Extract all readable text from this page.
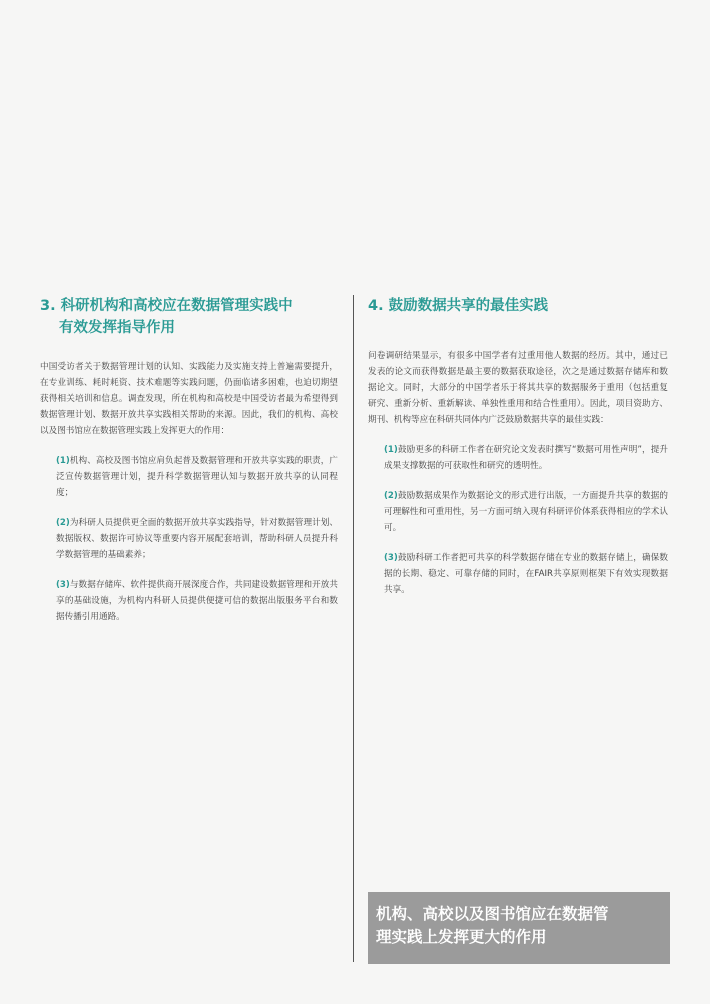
3. 科研机构和高校应在数据管理实践中
有效发挥指导作用

中国受访者关于数据管理计划的认知、实践能力及实施支持上普遍需要提升，在专业训练、耗时耗资、技术难题等实践问题，仍面临诸多困难，也迫切期望获得相关培训和信息。调查发现，所在机构和高校是中国受访者最为希望得到数据管理计划、数据开放共享实践相关帮助的来源。因此，我们的机构、高校以及图书馆应在数据管理实践上发挥更大的作用：

(1)机构、高校及图书馆应肩负起普及数据管理和开放共享实践的职责，广泛宣传数据管理计划，提升科学数据管理认知与数据开放共享的认同程度；

(2)为科研人员提供更全面的数据开放共享实践指导，针对数据管理计划、数据版权、数据许可协议等重要内容开展配套培训，帮助科研人员提升科学数据管理的基础素养；

(3)与数据存储库、软件提供商开展深度合作，共同建设数据管理和开放共享的基础设施，为机构内科研人员提供便捷可信的数据出版服务平台和数据传播引用通路。

4. 鼓励数据共享的最佳实践

问卷调研结果显示，有很多中国学者有过重用他人数据的经历。其中，通过已发表的论文而获得数据是最主要的数据获取途径，次之是通过数据存储库和数据论文。同时，大部分的中国学者乐于将其共享的数据服务于重用（包括重复研究、重新分析、重新解读、单独性重用和结合性重用）。因此，项目资助方、期刊、机构等应在科研共同体内广泛鼓励数据共享的最佳实践：

(1)鼓励更多的科研工作者在研究论文发表时撰写“数据可用性声明”，提升成果支撑数据的可获取性和研究的透明性。

(2)鼓励数据成果作为数据论文的形式进行出版，一方面提升共享的数据的可理解性和可重用性，另一方面可纳入现有科研评价体系获得相应的学术认可。

(3)鼓励科研工作者把可共享的科学数据存储在专业的数据存储上，确保数据的长期、稳定、可靠存储的同时，在FAIR共享原则框架下有效实现数据共享。

机构、高校以及图书馆应在数据管

理实践上发挥更大的作用
